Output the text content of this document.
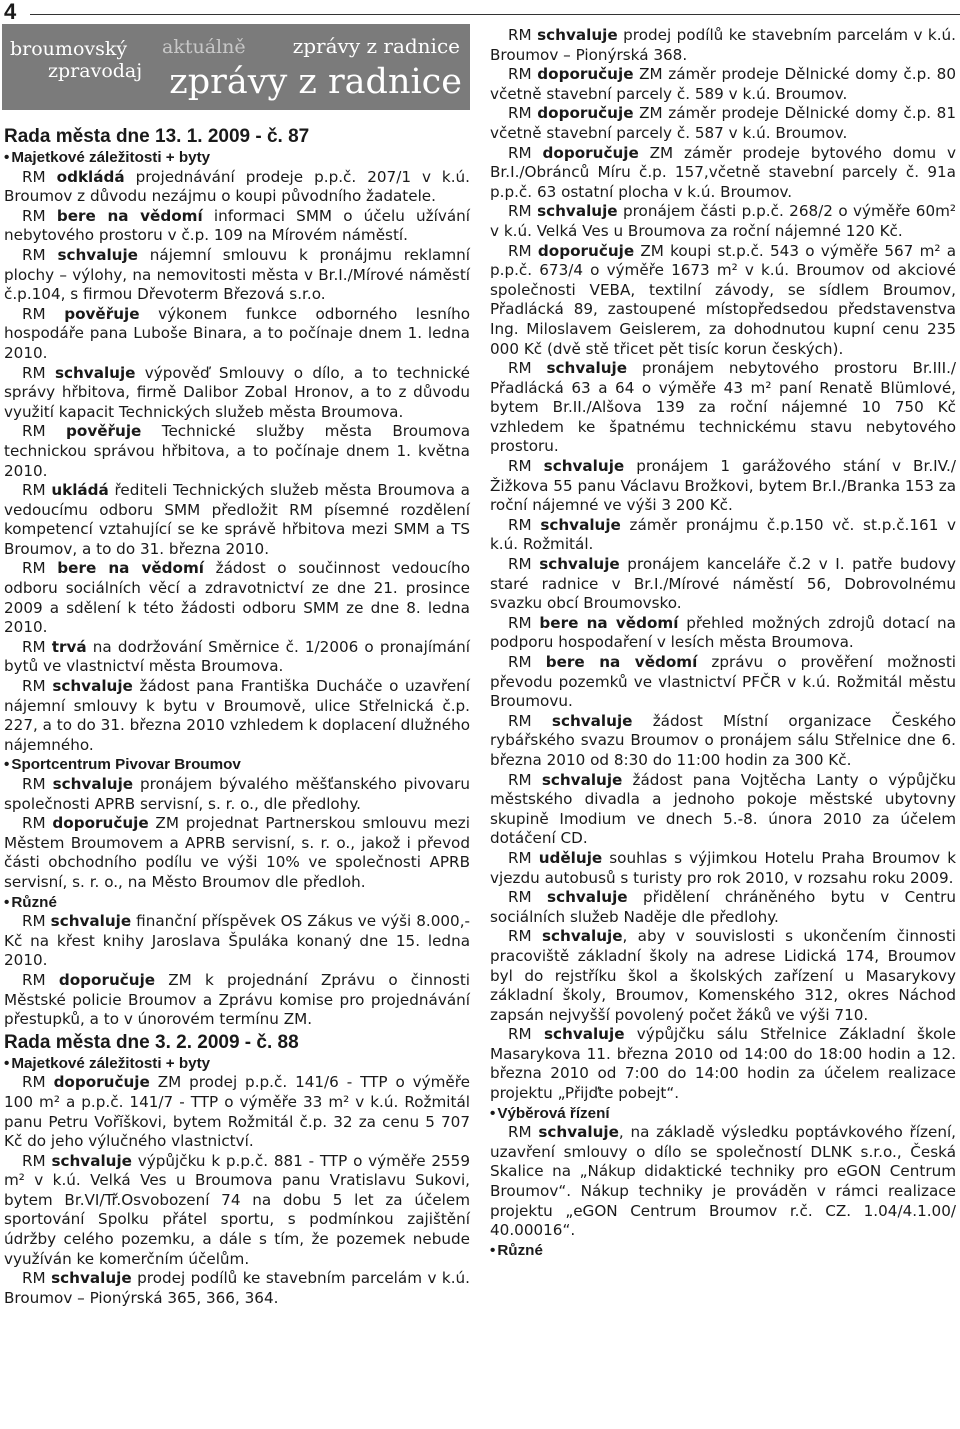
4
broumovský
zpravodaj
aktuálně zprávy z radnice
zprávy z radnice
Rada města dne 13. 1. 2009 - č. 87
• Majetkové záležitosti + byty

RM odkládá projednávání prodeje p.p.č. 207/1 v k.ú. Broumov z důvodu nezájmu o koupi původního žadatele.

RM bere na vědomí informaci SMM o účelu užívání nebytového prostoru v č.p. 109 na Mírovém náměstí.

RM schvaluje nájemní smlouvu k pronájmu reklamní plochy – výlohy, na nemovitosti města v Br.I./Mírové náměstí č.p.104, s firmou Dřevoterm Březová s.r.o.

RM pověřuje výkonem funkce odborného lesního hospodáře pana Luboše Binara, a to počínaje dnem 1. ledna 2010.

RM schvaluje výpověď Smlouvy o dílo, a to technické správy hřbitova, firmě Dalibor Zobal Hronov, a to z důvodu využití kapacit Technických služeb města Broumova.

RM pověřuje Technické služby města Broumova technickou správou hřbitova, a to počínaje dnem 1. května 2010.

RM ukládá řediteli Technických služeb města Broumova a vedoucímu odboru SMM předložit RM písemné rozdělení kompetencí vztahující se ke správě hřbitova mezi SMM a TS Broumov, a to do 31. března 2010.

RM bere na vědomí žádost o součinnost vedoucího odboru sociálních věcí a zdravotnictví ze dne 21. prosince 2009 a sdělení k této žádosti odboru SMM ze dne 8. ledna 2010.

RM trvá na dodržování Směrnice č. 1/2006 o pronajímání bytů ve vlastnictví města Broumova.

RM schvaluje žádost pana Františka Ducháče o uzavření nájemní smlouvy k bytu v Broumově, ulice Střelnická č.p. 227, a to do 31. března 2010 vzhledem k doplacení dlužného nájemného.

• Sportcentrum Pivovar Broumov

RM schvaluje pronájem bývalého měšťanského pivovaru společnosti APRB servisní, s. r. o., dle předlohy.

RM doporučuje ZM projednat Partnerskou smlouvu mezi Městem Broumovem a APRB servisní, s. r. o., jakož i převod části obchodního podílu ve výši 10% ve společnosti APRB servisní, s. r. o., na Město Broumov dle předloh.

• Různé

RM schvaluje finanční příspěvek OS Zákus ve výši 8.000,- Kč na křest knihy Jaroslava Špuláka konaný dne 15. ledna 2010.

RM doporučuje ZM k projednání Zprávu o činnosti Městské policie Broumov a Zprávu komise pro projednávání přestupků, a to v únorovém termínu ZM.

Rada města dne 3. 2. 2009 - č. 88
• Majetkové záležitosti + byty

RM doporučuje ZM prodej p.p.č. 141/6 - TTP o výměře 100 m² a p.p.č. 141/7 - TTP o výměře 33 m² v k.ú. Rožmitál panu Petru Vořĭškovi, bytem Rožmitál č.p. 32 za cenu 5 707 Kč do jeho výlučného vlastnictví.

RM schvaluje výpůjčku k p.p.č. 881 - TTP o výměře 2559 m² v k.ú. Velká Ves u Broumova panu Vratislavu Sukovi, bytem Br.VI/Tř.Osvobození 74 na dobu 5 let za účelem sportování Spolku přátel sportu, s podmínkou zajištění údržby celého pozemku, a dále s tím, že pozemek nebude využíván ke komerčním účelům.

RM schvaluje prodej podílů ke stavebním parcelám v k.ú. Broumov – Pionýrská 365, 366, 364.

RM schvaluje prodej podílů ke stavebním parcelám v k.ú. Broumov – Pionýrská 368.

RM doporučuje ZM záměr prodeje Dělnické domy č.p. 80 včetně stavební parcely č. 589 v k.ú. Broumov.

RM doporučuje ZM záměr prodeje Dělnické domy č.p. 81 včetně stavební parcely č. 587 v k.ú. Broumov.

RM doporučuje ZM záměr prodeje bytového domu v Br.I./Obránců Míru č.p. 157,včetně stavební parcely č. 91a p.p.č. 63 ostatní plocha v k.ú. Broumov.

RM schvaluje pronájem části p.p.č. 268/2 o výměře 60m² v k.ú. Velká Ves u Broumova za roční nájemné 120 Kč.

RM doporučuje ZM koupi st.p.č. 543 o výměře 567 m² a p.p.č. 673/4 o výměře 1673 m² v k.ú. Broumov od akciové společnosti VEBA, textilní závody, se sídlem Broumov, Přadlácká 89, zastoupené místopředsedou představenstva Ing. Miloslavem Geislerem, za dohodnutou kupní cenu 235 000 Kč (dvě stě třicet pět tisíc korun českých).

RM schvaluje pronájem nebytového prostoru Br.III./ Přadlácká 63 a 64 o výměře 43 m² paní Renatě Blümlové, bytem Br.II./Alšova 139 za roční nájemné 10 750 Kč vzhledem ke špatnému technickému stavu nebytového prostoru.

RM schvaluje pronájem 1 garážového stání v Br.IV./ Žižkova 55 panu Václavu Brožkovi, bytem Br.I./Branka 153 za roční nájemné ve výši 3 200 Kč.

RM schvaluje záměr pronájmu č.p.150 vč. st.p.č.161 v k.ú. Rožmitál.

RM schvaluje pronájem kanceláře č.2 v I. patře budovy staré radnice v Br.I./Mírové náměstí 56, Dobrovolnému svazku obcí Broumovsko.

RM bere na vědomí přehled možných zdrojů dotací na podporu hospodaření v lesích města Broumova.

RM bere na vědomí zprávu o prověření možnosti převodu pozemků ve vlastnictví PFČR v k.ú. Rožmitál městu Broumovu.

RM schvaluje žádost Místní organizace Českého rybářského svazu Broumov o pronájem sálu Střelnice dne 6. března 2010 od 8:30 do 11:00 hodin za 300 Kč.

RM schvaluje žádost pana Vojtěcha Lanty o výpůjčku městského divadla a jednoho pokoje městské ubytovny skupině Imodium ve dnech 5.-8. února 2010 za účelem dotáčení CD.

RM uděluje souhlas s výjimkou Hotelu Praha Broumov k vjezdu autobusů s turisty pro rok 2010, v rozsahu roku 2009.

RM schvaluje přidělení chráněného bytu v Centru sociálních služeb Naděje dle předlohy.

RM schvaluje, aby v souvislosti s ukončením činnosti pracoviště základní školy na adrese Lidická 174, Broumov byl do rejstříku škol a školských zařízení u Masarykovy základní školy, Broumov, Komenského 312, okres Náchod zapsán nejvyšší povolený počet žáků ve výši 710.

RM schvaluje výpůjčku sálu Střelnice Základní škole Masarykova 11. března 2010 od 14:00 do 18:00 hodin a 12. března 2010 od 7:00 do 14:00 hodin za účelem realizace projektu „Přijďte pobejt“.

• Výběrová řízení

RM schvaluje, na základě výsledku poptávkového řízení, uzavření smlouvy o dílo se společností DLNK s.r.o., Česká Skalice na „Nákup didaktické techniky pro eGON Centrum Broumov“. Nákup techniky je prováděn v rámci realizace projektu „eGON Centrum Broumov r.č. CZ. 1.04/4.1.00/ 40.00016“.

• Různé
